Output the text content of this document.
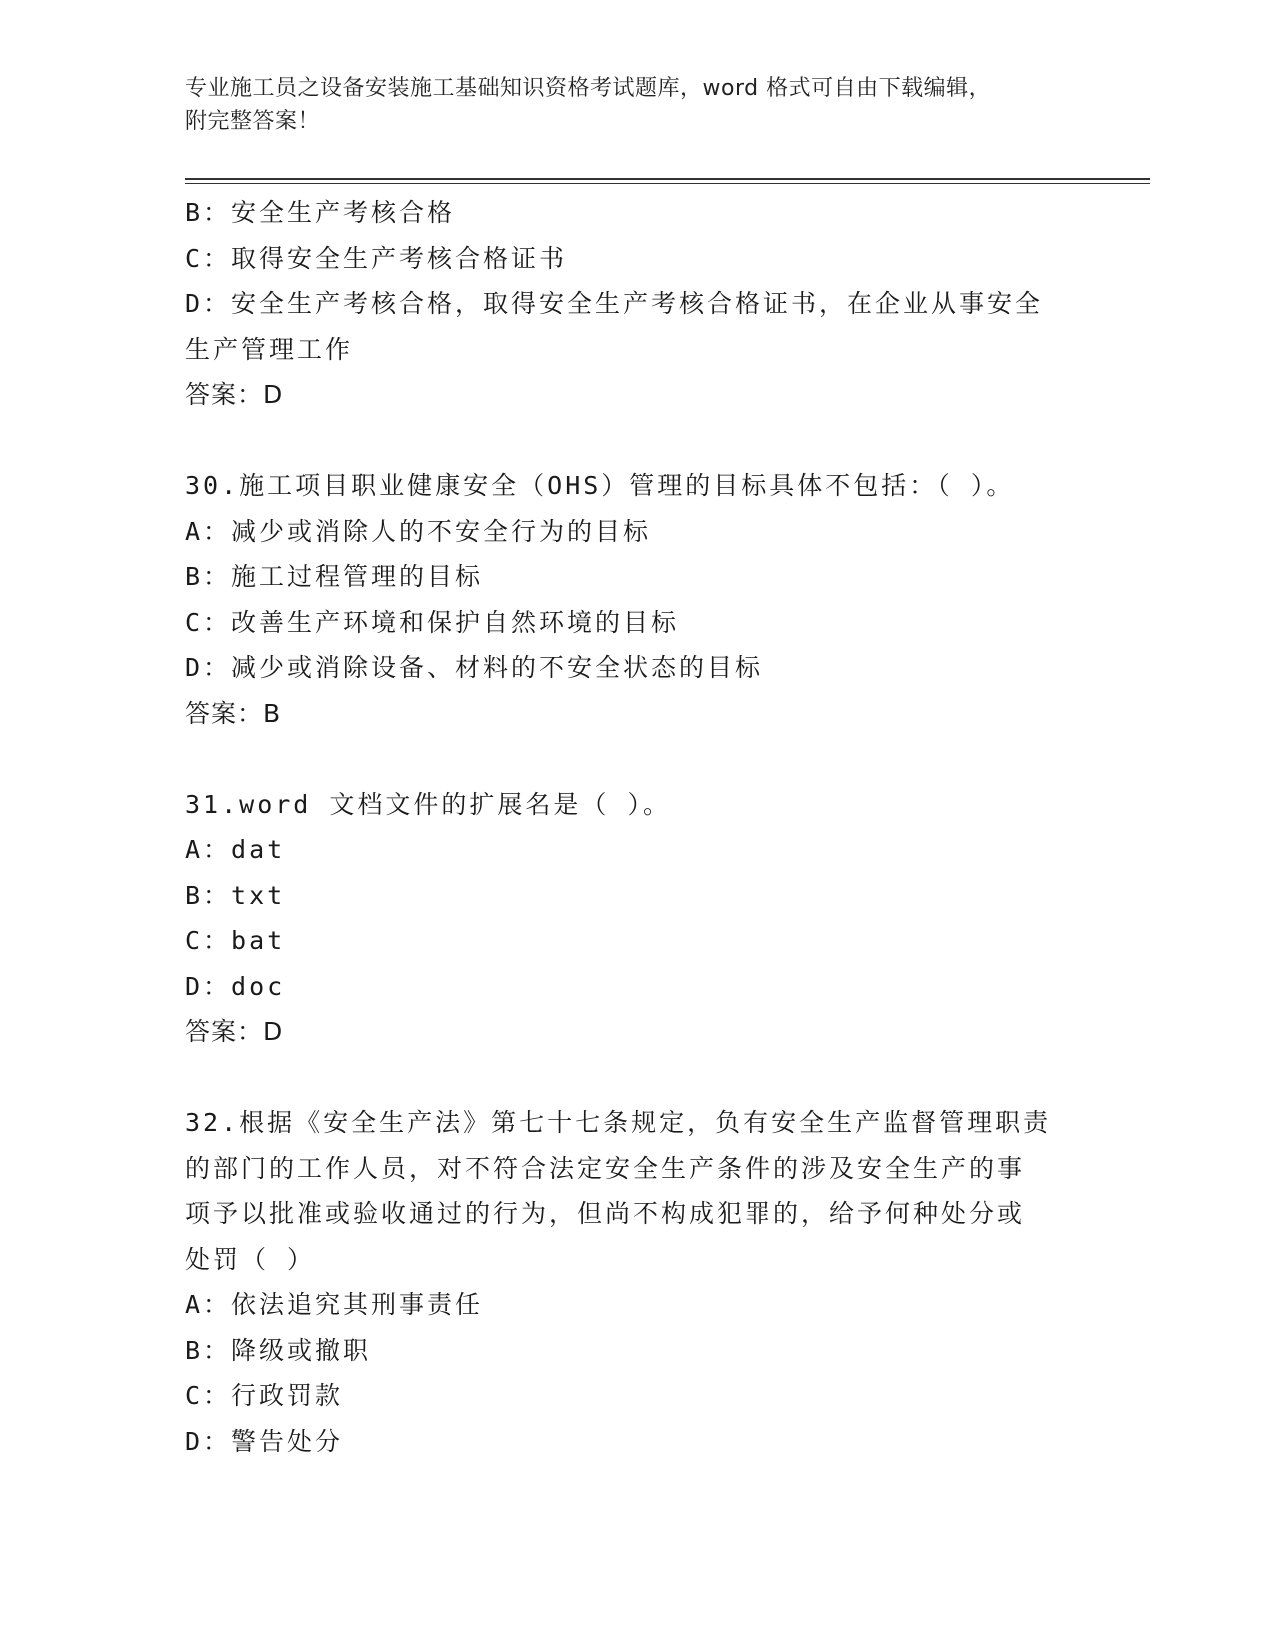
专业施工员之设备安装施工基础知识资格考试题库，word 格式可自由下载编辑，
附完整答案！
B：安全生产考核合格
C：取得安全生产考核合格证书
D：安全生产考核合格，取得安全生产考核合格证书，在企业从事安全
生产管理工作
答案：D
30.施工项目职业健康安全（OHS）管理的目标具体不包括：（ ）。
A：减少或消除人的不安全行为的目标
B：施工过程管理的目标
C：改善生产环境和保护自然环境的目标
D：减少或消除设备、材料的不安全状态的目标
答案：B
31.word 文档文件的扩展名是（ ）。
A：dat
B：txt
C：bat
D：doc
答案：D
32.根据《安全生产法》第七十七条规定，负有安全生产监督管理职责
的部门的工作人员，对不符合法定安全生产条件的涉及安全生产的事
项予以批准或验收通过的行为，但尚不构成犯罪的，给予何种处分或
处罚（ ）
A：依法追究其刑事责任
B：降级或撤职
C：行政罚款
D：警告处分
